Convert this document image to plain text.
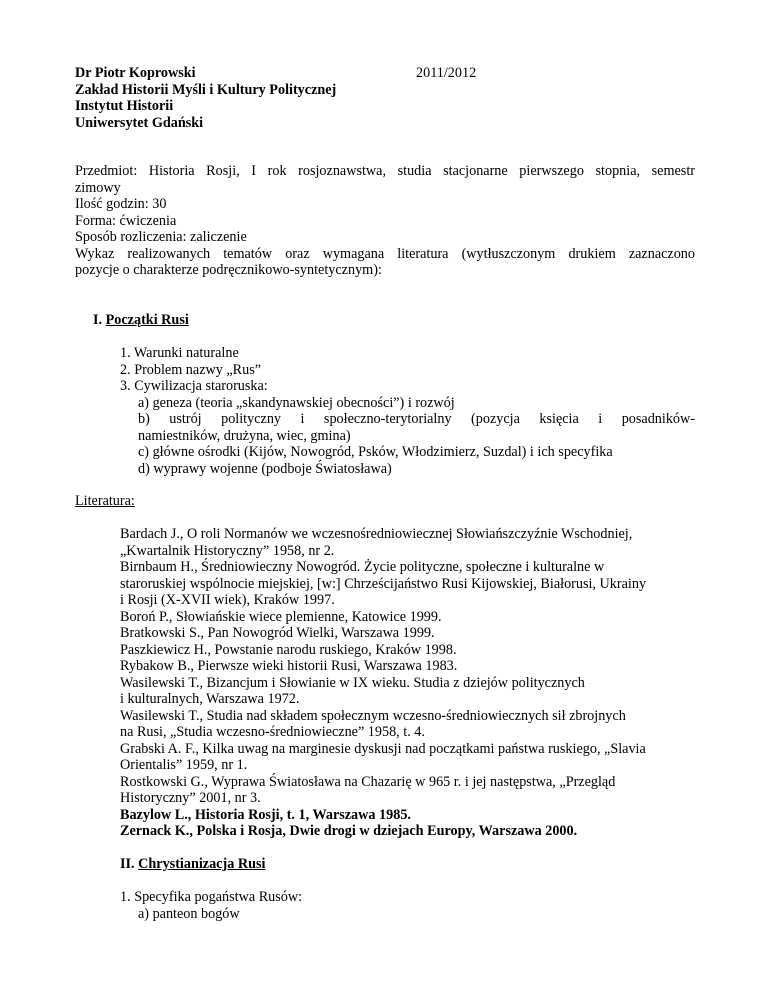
Dr Piotr Koprowski	2011/2012
Zakład Historii Myśli i Kultury Politycznej
Instytut Historii
Uniwersytet Gdański
Przedmiot: Historia Rosji, I rok rosjoznawstwa, studia stacjonarne pierwszego stopnia, semestr
zimowy
Ilość godzin: 30
Forma: ćwiczenia
Sposób rozliczenia: zaliczenie
Wykaz realizowanych tematów oraz wymagana literatura (wytłuszczonym drukiem zaznaczono
pozycje o charakterze podręcznikowo-syntetycznym):
I. Początki Rusi
1. Warunki naturalne
2. Problem nazwy „Rus”
3. Cywilizacja staroruska:
a) geneza (teoria „skandynawskiej obecności”) i rozwój
b) ustrój polityczny i społeczno-terytorialny (pozycja księcia i posadników-
namiestników, drużyna, wiec, gmina)
c) główne ośrodki (Kijów, Nowogród, Psków, Włodzimierz, Suzdal) i ich specyfika
d) wyprawy wojenne (podboje Światosława)
Literatura:
Bardach J., O roli Normanów we wczesnośredniowiecznej Słowiańszczyźnie Wschodniej,
„Kwartalnik Historyczny” 1958, nr 2.
Birnbaum H., Średniowieczny Nowogród. Życie polityczne, społeczne i kulturalne w
staroruskiej wspólnocie miejskiej, [w:] Chrześcijaństwo Rusi Kijowskiej, Białorusi, Ukrainy
i Rosji (X-XVII wiek), Kraków 1997.
Boroń P., Słowiańskie wiece plemienne, Katowice 1999.
Bratkowski S., Pan Nowogród Wielki, Warszawa 1999.
Paszkiewicz H., Powstanie narodu ruskiego, Kraków 1998.
Rybakow B., Pierwsze wieki historii Rusi, Warszawa 1983.
Wasilewski T., Bizancjum i Słowianie w IX wieku. Studia z dziejów politycznych
i kulturalnych, Warszawa 1972.
Wasilewski T., Studia nad składem społecznym wczesno-średniowiecznych sił zbrojnych
na Rusi, „Studia wczesno-średniowieczne” 1958, t. 4.
Grabski A. F., Kilka uwag na marginesie dyskusji nad początkami państwa ruskiego, „Slavia
Orientalis” 1959, nr 1.
Rostkowski G., Wyprawa Światosława na Chazarię w 965 r. i jej następstwa, „Przegląd
Historyczny” 2001, nr 3.
Bazylow L., Historia Rosji, t. 1, Warszawa 1985.
Zernack K., Polska i Rosja, Dwie drogi w dziejach Europy, Warszawa 2000.
II. Chrystianizacja Rusi
1. Specyfika pogaństwa Rusów:
a) panteon bogów
